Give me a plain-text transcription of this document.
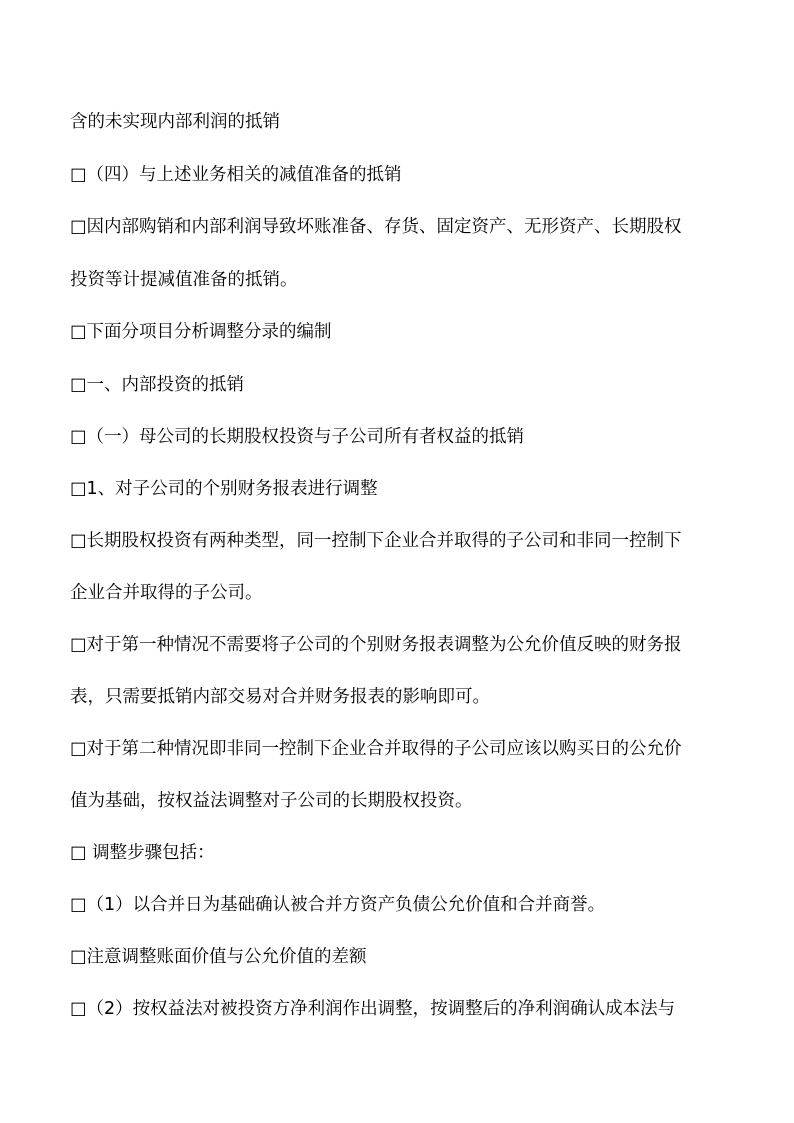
含的未实现内部利润的抵销
□（四）与上述业务相关的减值准备的抵销
□因内部购销和内部利润导致坏账准备、存货、固定资产、无形资产、长期股权
投资等计提减值准备的抵销。
□下面分项目分析调整分录的编制
□一、内部投资的抵销
□（一）母公司的长期股权投资与子公司所有者权益的抵销
□1、对子公司的个别财务报表进行调整
□长期股权投资有两种类型，同一控制下企业合并取得的子公司和非同一控制下
企业合并取得的子公司。
□对于第一种情况不需要将子公司的个别财务报表调整为公允价值反映的财务报
表，只需要抵销内部交易对合并财务报表的影响即可。
□对于第二种情况即非同一控制下企业合并取得的子公司应该以购买日的公允价
值为基础，按权益法调整对子公司的长期股权投资。
□ 调整步骤包括：
□（1）以合并日为基础确认被合并方资产负债公允价值和合并商誉。
□注意调整账面价值与公允价值的差额
□（2）按权益法对被投资方净利润作出调整，按调整后的净利润确认成本法与
